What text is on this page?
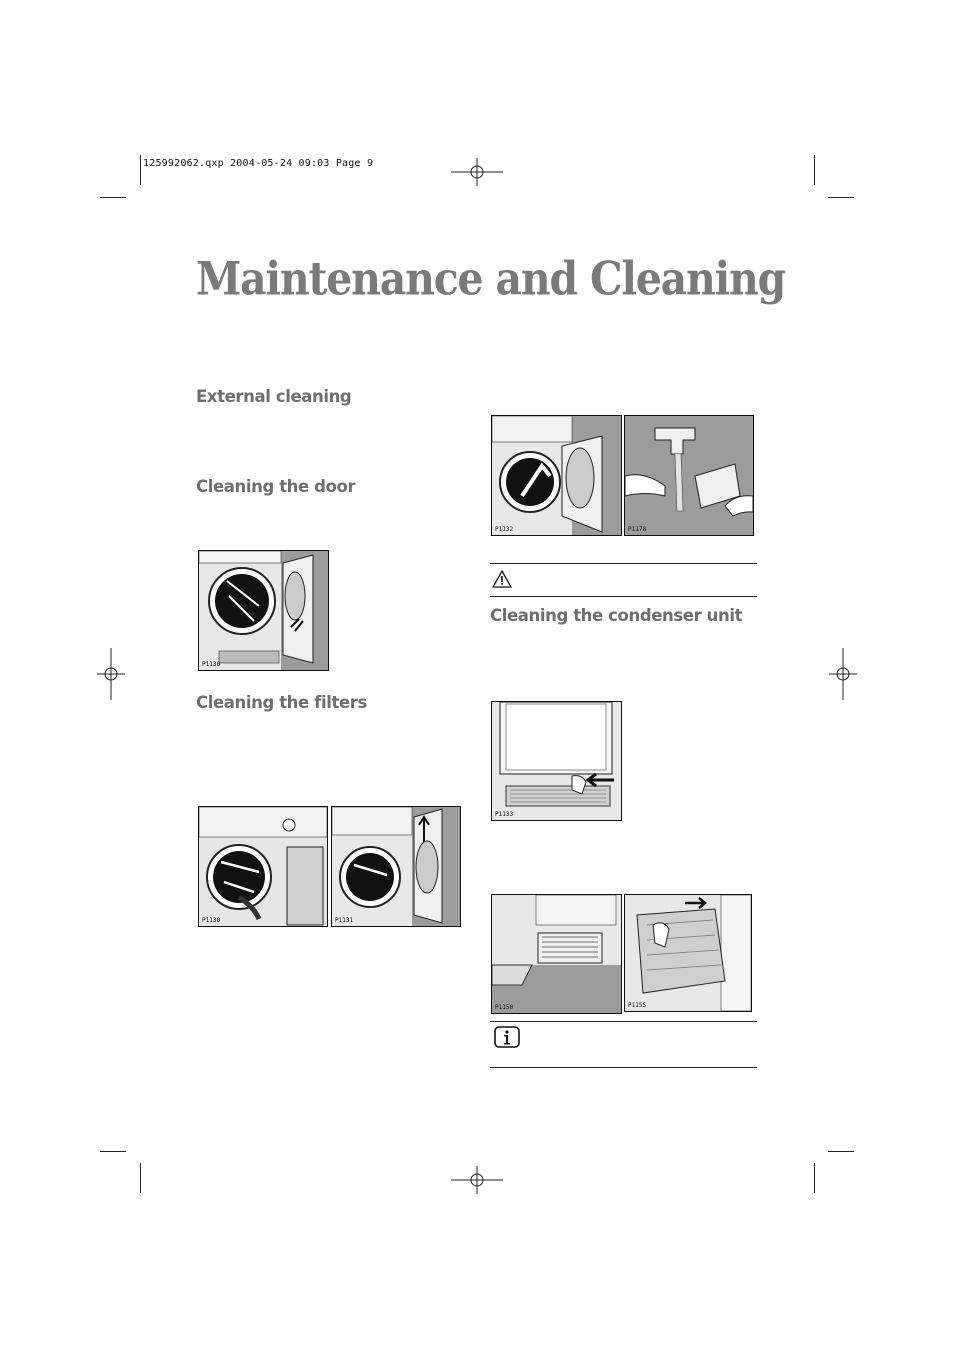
125992062.qxp 2004-05-24 09:03 Page 9
Maintenance and Cleaning
External cleaning
Cleaning the door
Cleaning the filters
P1130
P1130	P1131
P1132	P1178
Cleaning the condenser unit
P1133
P1150	P1155
